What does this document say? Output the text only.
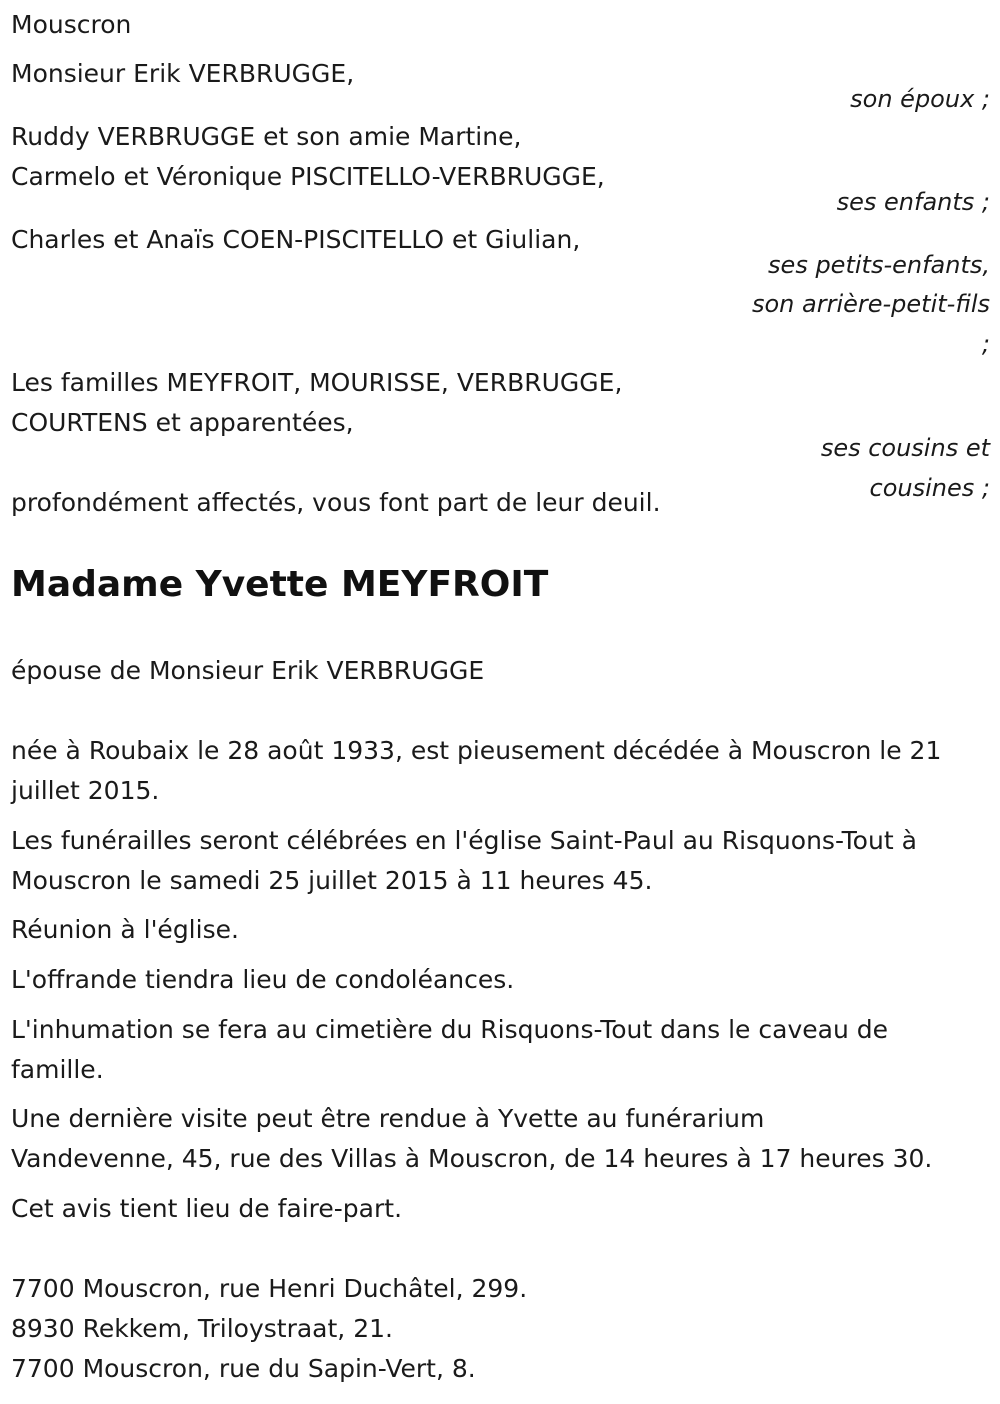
Mouscron

Monsieur Erik VERBRUGGE,

son époux ;

Ruddy VERBRUGGE et son amie Martine,

Carmelo et Véronique PISCITELLO-VERBRUGGE,

ses enfants ;

Charles et Anaïs COEN-PISCITELLO et Giulian,

ses petits-enfants,

son arrière-petit-fils

;

Les familles MEYFROIT, MOURISSE, VERBRUGGE,

COURTENS et apparentées,

ses cousins et

cousines ;

profondément affectés, vous font part de leur deuil.

Madame Yvette MEYFROIT

épouse de Monsieur Erik VERBRUGGE

née à Roubaix le 28 août 1933, est pieusement décédée à Mouscron le 21

juillet 2015.

Les funérailles seront célébrées en l'église Saint-Paul au Risquons-Tout à

Mouscron le samedi 25 juillet 2015 à 11 heures 45.

Réunion à l'église.

L'offrande tiendra lieu de condoléances.

L'inhumation se fera au cimetière du Risquons-Tout dans le caveau de

famille.

Une dernière visite peut être rendue à Yvette au funérarium

Vandevenne, 45, rue des Villas à Mouscron, de 14 heures à 17 heures 30.

Cet avis tient lieu de faire-part.

7700 Mouscron, rue Henri Duchâtel, 299.

8930 Rekkem, Triloystraat, 21.

7700 Mouscron, rue du Sapin-Vert, 8.
